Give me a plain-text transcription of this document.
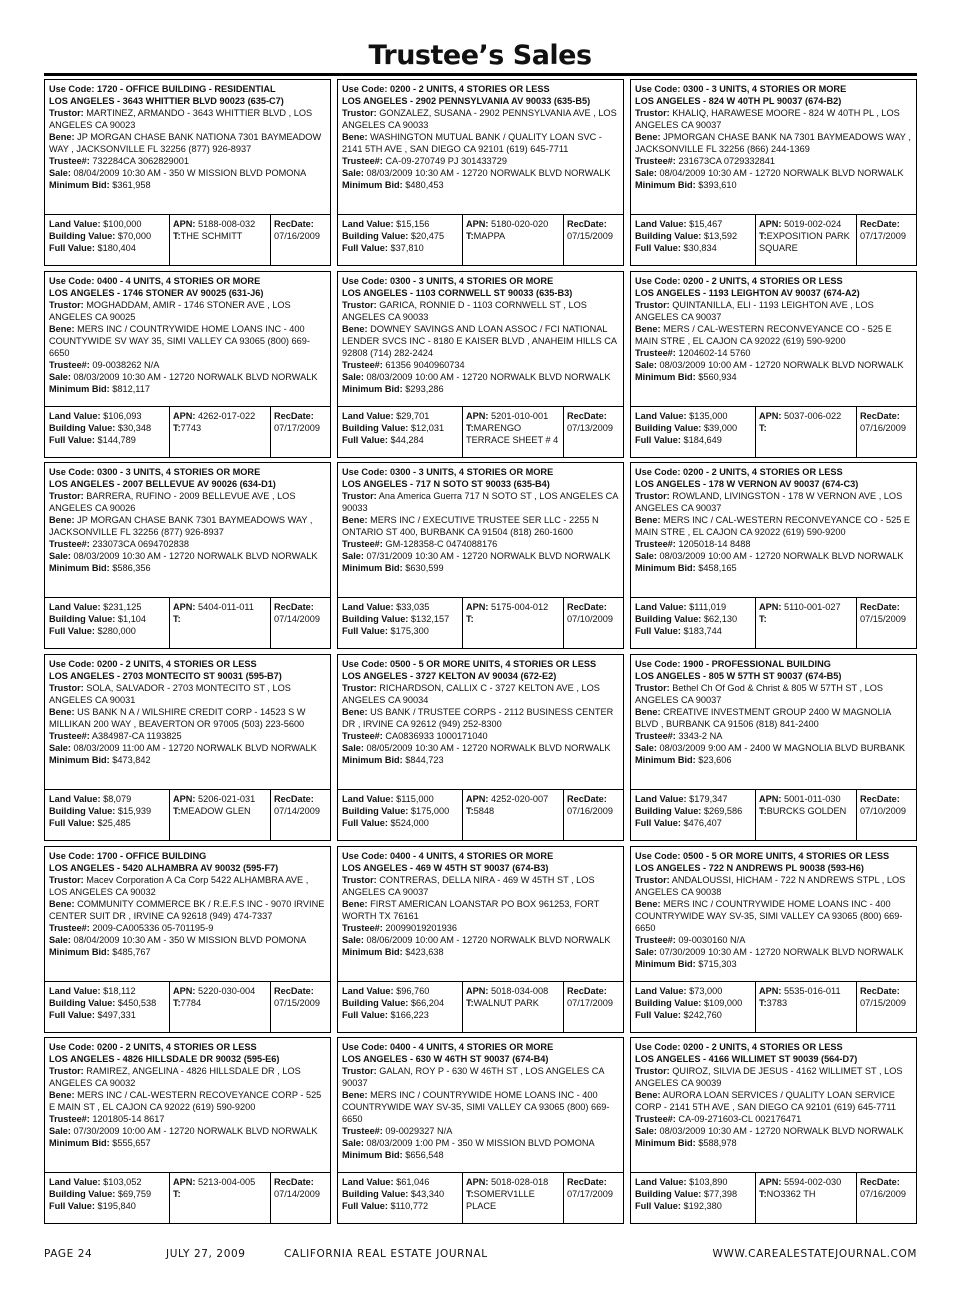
Trustee’s Sales
Use Code: 1720 - OFFICE BUILDING - RESIDENTIAL
LOS ANGELES - 3643 WHITTIER BLVD 90023 (635-C7)
Trustor: MARTINEZ, ARMANDO - 3643 WHITTIER BLVD , LOS ANGELES CA 90023
Bene: JP MORGAN CHASE BANK NATIONA 7301 BAYMEADOW WAY , JACKSONVILLE FL 32256 (877) 926-8937
Trustee#: 732284CA 3062829001
Sale: 08/04/2009 10:30 AM - 350 W MISSION BLVD POMONA
Minimum Bid: $361,958
Land Value: $100,000
Building Value: $70,000
Full Value: $180,404
APN: 5188-008-032
T:THE SCHMITT
RecDate:
07/16/2009
Use Code: 0200 - 2 UNITS, 4 STORIES OR LESS
LOS ANGELES - 2902 PENNSYLVANIA AV 90033 (635-B5)
Trustor: GONZALEZ, SUSANA - 2902 PENNSYLVANIA AVE , LOS ANGELES CA 90033
Bene: WASHINGTON MUTUAL BANK / QUALITY LOAN SVC - 2141 5TH AVE , SAN DIEGO CA 92101 (619) 645-7711
Trustee#: CA-09-270749 PJ 301433729
Sale: 08/03/2009 10:30 AM - 12720 NORWALK BLVD NORWALK
Minimum Bid: $480,453
Land Value: $15,156
Building Value: $20,475
Full Value: $37,810
APN: 5180-020-020
T:MAPPA
RecDate:
07/15/2009
Use Code: 0300 - 3 UNITS, 4 STORIES OR MORE
LOS ANGELES - 824 W 40TH PL 90037 (674-B2)
Trustor: KHALIQ, HARAWESE MOORE - 824 W 40TH PL , LOS ANGELES CA 90037
Bene: JPMORGAN CHASE BANK NA 7301 BAYMEADOWS WAY , JACKSONVILLE FL 32256 (866) 244-1369
Trustee#: 231673CA 0729332841
Sale: 08/04/2009 10:30 AM - 12720 NORWALK BLVD NORWALK
Minimum Bid: $393,610
Land Value: $15,467
Building Value: $13,592
Full Value: $30,834
APN: 5019-002-024
T:EXPOSITION PARK SQUARE
RecDate:
07/17/2009
Use Code: 0400 - 4 UNITS, 4 STORIES OR MORE
LOS ANGELES - 1746 STONER AV 90025 (631-J6)
Trustor: MOGHADDAM, AMIR - 1746 STONER AVE , LOS ANGELES CA 90025
Bene: MERS INC / COUNTRYWIDE HOME LOANS INC - 400 COUNTYWIDE SV WAY 35, SIMI VALLEY CA 93065 (800) 669-6650
Trustee#: 09-0038262 N/A
Sale: 08/03/2009 10:30 AM - 12720 NORWALK BLVD NORWALK
Minimum Bid: $812,117
Land Value: $106,093
Building Value: $30,348
Full Value: $144,789
APN: 4262-017-022
T:7743
RecDate:
07/17/2009
Use Code: 0300 - 3 UNITS, 4 STORIES OR MORE
LOS ANGELES - 1103 CORNWELL ST 90033 (635-B3)
Trustor: GARICA, RONNIE D - 1103 CORNWELL ST , LOS ANGELES CA 90033
Bene: DOWNEY SAVINGS AND LOAN ASSOC / FCI NATIONAL LENDER SVCS INC - 8180 E KAISER BLVD , ANAHEIM HILLS CA 92808 (714) 282-2424
Trustee#: 61356 9040960734
Sale: 08/03/2009 10:00 AM - 12720 NORWALK BLVD NORWALK
Minimum Bid: $293,286
Land Value: $29,701
Building Value: $12,031
Full Value: $44,284
APN: 5201-010-001
T:MARENGO TERRACE SHEET # 4
RecDate:
07/13/2009
Use Code: 0200 - 2 UNITS, 4 STORIES OR LESS
LOS ANGELES - 1193 LEIGHTON AV 90037 (674-A2)
Trustor: QUINTANILLA, ELI - 1193 LEIGHTON AVE , LOS ANGELES CA 90037
Bene: MERS / CAL-WESTERN RECONVEYANCE CO - 525 E MAIN STRE , EL CAJON CA 92022 (619) 590-9200
Trustee#: 1204602-14 5760
Sale: 08/03/2009 10:00 AM - 12720 NORWALK BLVD NORWALK
Minimum Bid: $560,934
Land Value: $135,000
Building Value: $39,000
Full Value: $184,649
APN: 5037-006-022
T:
RecDate:
07/16/2009
Use Code: 0300 - 3 UNITS, 4 STORIES OR MORE
LOS ANGELES - 2007 BELLEVUE AV 90026 (634-D1)
Trustor: BARRERA, RUFINO - 2009 BELLEVUE AVE , LOS ANGELES CA 90026
Bene: JP MORGAN CHASE BANK 7301 BAYMEADOWS WAY , JACKSONVILLE FL 32256 (877) 926-8937
Trustee#: 233073CA 0694702838
Sale: 08/03/2009 10:30 AM - 12720 NORWALK BLVD NORWALK
Minimum Bid: $586,356
Land Value: $231,125
Building Value: $1,104
Full Value: $280,000
APN: 5404-011-011
T:
RecDate:
07/14/2009
Use Code: 0300 - 3 UNITS, 4 STORIES OR MORE
LOS ANGELES - 717 N SOTO ST 90033 (635-B4)
Trustor: Ana America Guerra 717 N SOTO ST , LOS ANGELES CA 90033
Bene: MERS INC / EXECUTIVE TRUSTEE SER LLC - 2255 N ONTARIO ST 400, BURBANK CA 91504 (818) 260-1600
Trustee#: GM-128358-C 0474088176
Sale: 07/31/2009 10:30 AM - 12720 NORWALK BLVD NORWALK
Minimum Bid: $630,599
Land Value: $33,035
Building Value: $132,157
Full Value: $175,300
APN: 5175-004-012
T:
RecDate:
07/10/2009
Use Code: 0200 - 2 UNITS, 4 STORIES OR LESS
LOS ANGELES - 178 W VERNON AV 90037 (674-C3)
Trustor: ROWLAND, LIVINGSTON - 178 W VERNON AVE , LOS ANGELES CA 90037
Bene: MERS INC / CAL-WESTERN RECONVEYANCE CO - 525 E MAIN STRE , EL CAJON CA 92022 (619) 590-9200
Trustee#: 1205018-14 8488
Sale: 08/03/2009 10:00 AM - 12720 NORWALK BLVD NORWALK
Minimum Bid: $458,165
Land Value: $111,019
Building Value: $62,130
Full Value: $183,744
APN: 5110-001-027
T:
RecDate:
07/15/2009
Use Code: 0200 - 2 UNITS, 4 STORIES OR LESS
LOS ANGELES - 2703 MONTECITO ST 90031 (595-B7)
Trustor: SOLA, SALVADOR - 2703 MONTECITO ST , LOS ANGELES CA 90031
Bene: US BANK N A / WILSHIRE CREDIT CORP - 14523 S W MILLIKAN 200 WAY , BEAVERTON OR 97005 (503) 223-5600
Trustee#: A384987-CA 1193825
Sale: 08/03/2009 11:00 AM - 12720 NORWALK BLVD NORWALK
Minimum Bid: $473,842
Land Value: $8,079
Building Value: $15,939
Full Value: $25,485
APN: 5206-021-031
T:MEADOW GLEN
RecDate:
07/14/2009
Use Code: 0500 - 5 OR MORE UNITS, 4 STORIES OR LESS
LOS ANGELES - 3727 KELTON AV 90034 (672-E2)
Trustor: RICHARDSON, CALLIX C - 3727 KELTON AVE , LOS ANGELES CA 90034
Bene: US BANK / TRUSTEE CORPS - 2112 BUSINESS CENTER DR , IRVINE CA 92612 (949) 252-8300
Trustee#: CA0836933 1000171040
Sale: 08/05/2009 10:30 AM - 12720 NORWALK BLVD NORWALK
Minimum Bid: $844,723
Land Value: $115,000
Building Value: $175,000
Full Value: $524,000
APN: 4252-020-007
T:5848
RecDate:
07/16/2009
Use Code: 1900 - PROFESSIONAL BUILDING
LOS ANGELES - 805 W 57TH ST 90037 (674-B5)
Trustor: Bethel Ch Of God & Christ & 805 W 57TH ST , LOS ANGELES CA 90037
Bene: CREATIVE INVESTMENT GROUP 2400 W MAGNOLIA BLVD , BURBANK CA 91506 (818) 841-2400
Trustee#: 3343-2 NA
Sale: 08/03/2009 9:00 AM - 2400 W MAGNOLIA BLVD BURBANK
Minimum Bid: $23,606
Land Value: $179,347
Building Value: $269,586
Full Value: $476,407
APN: 5001-011-030
T:BURCKS GOLDEN
RecDate:
07/10/2009
Use Code: 1700 - OFFICE BUILDING
LOS ANGELES - 5420 ALHAMBRA AV 90032 (595-F7)
Trustor: Macev Corporation A Ca Corp 5422 ALHAMBRA AVE , LOS ANGELES CA 90032
Bene: COMMUNITY COMMERCE BK / R.E.F.S INC - 9070 IRVINE CENTER SUIT DR , IRVINE CA 92618 (949) 474-7337
Trustee#: 2009-CA005336 05-701195-9
Sale: 08/04/2009 10:30 AM - 350 W MISSION BLVD POMONA
Minimum Bid: $485,767
Land Value: $18,112
Building Value: $450,538
Full Value: $497,331
APN: 5220-030-004
T:7784
RecDate:
07/15/2009
Use Code: 0400 - 4 UNITS, 4 STORIES OR MORE
LOS ANGELES - 469 W 45TH ST 90037 (674-B3)
Trustor: CONTRERAS, DELLA NIRA - 469 W 45TH ST , LOS ANGELES CA 90037
Bene: FIRST AMERICAN LOANSTAR PO BOX 961253, FORT WORTH TX 76161
Trustee#: 20099019201936
Sale: 08/06/2009 10:00 AM - 12720 NORWALK BLVD NORWALK
Minimum Bid: $423,638
Land Value: $96,760
Building Value: $66,204
Full Value: $166,223
APN: 5018-034-008
T:WALNUT PARK
RecDate:
07/17/2009
Use Code: 0500 - 5 OR MORE UNITS, 4 STORIES OR LESS
LOS ANGELES - 722 N ANDREWS PL 90038 (593-H6)
Trustor: ANDALOUSSI, HICHAM - 722 N ANDREWS STPL , LOS ANGELES CA 90038
Bene: MERS INC / COUNTRYWIDE HOME LOANS INC - 400 COUNTRYWIDE WAY SV-35, SIMI VALLEY CA 93065 (800) 669-6650
Trustee#: 09-0030160 N/A
Sale: 07/30/2009 10:30 AM - 12720 NORWALK BLVD NORWALK
Minimum Bid: $715,303
Land Value: $73,000
Building Value: $109,000
Full Value: $242,760
APN: 5535-016-011
T:3783
RecDate:
07/15/2009
Use Code: 0200 - 2 UNITS, 4 STORIES OR LESS
LOS ANGELES - 4826 HILLSDALE DR 90032 (595-E6)
Trustor: RAMIREZ, ANGELINA - 4826 HILLSDALE DR , LOS ANGELES CA 90032
Bene: MERS INC / CAL-WESTERN RECOVEYANCE CORP - 525 E MAIN ST , EL CAJON CA 92022 (619) 590-9200
Trustee#: 1201805-14 8617
Sale: 07/30/2009 10:00 AM - 12720 NORWALK BLVD NORWALK
Minimum Bid: $555,657
Land Value: $103,052
Building Value: $69,759
Full Value: $195,840
APN: 5213-004-005
T:
RecDate:
07/14/2009
Use Code: 0400 - 4 UNITS, 4 STORIES OR MORE
LOS ANGELES - 630 W 46TH ST 90037 (674-B4)
Trustor: GALAN, ROY P - 630 W 46TH ST , LOS ANGELES CA 90037
Bene: MERS INC / COUNTRYWIDE HOME LOANS INC - 400 COUNTRYWIDE WAY SV-35, SIMI VALLEY CA 93065 (800) 669-6650
Trustee#: 09-0029327 N/A
Sale: 08/03/2009 1:00 PM - 350 W MISSION BLVD POMONA
Minimum Bid: $656,548
Land Value: $61,046
Building Value: $43,340
Full Value: $110,772
APN: 5018-028-018
T:SOMERV1LLE PLACE
RecDate:
07/17/2009
Use Code: 0200 - 2 UNITS, 4 STORIES OR LESS
LOS ANGELES - 4166 WILLIMET ST 90039 (564-D7)
Trustor: QUIROZ, SILVIA DE JESUS - 4162 WILLIMET ST , LOS ANGELES CA 90039
Bene: AURORA LOAN SERVICES / QUALITY LOAN SERVICE CORP - 2141 5TH AVE , SAN DIEGO CA 92101 (619) 645-7711
Trustee#: CA-09-271603-CL 002176471
Sale: 08/03/2009 10:30 AM - 12720 NORWALK BLVD NORWALK
Minimum Bid: $588,978
Land Value: $103,890
Building Value: $77,398
Full Value: $192,380
APN: 5594-002-030
T:NO3362 TH
RecDate:
07/16/2009
PAGE 24	JULY 27, 2009	CALIFORNIA REAL ESTATE JOURNAL	WWW.CAREALESTATEJOURNAL.COM
